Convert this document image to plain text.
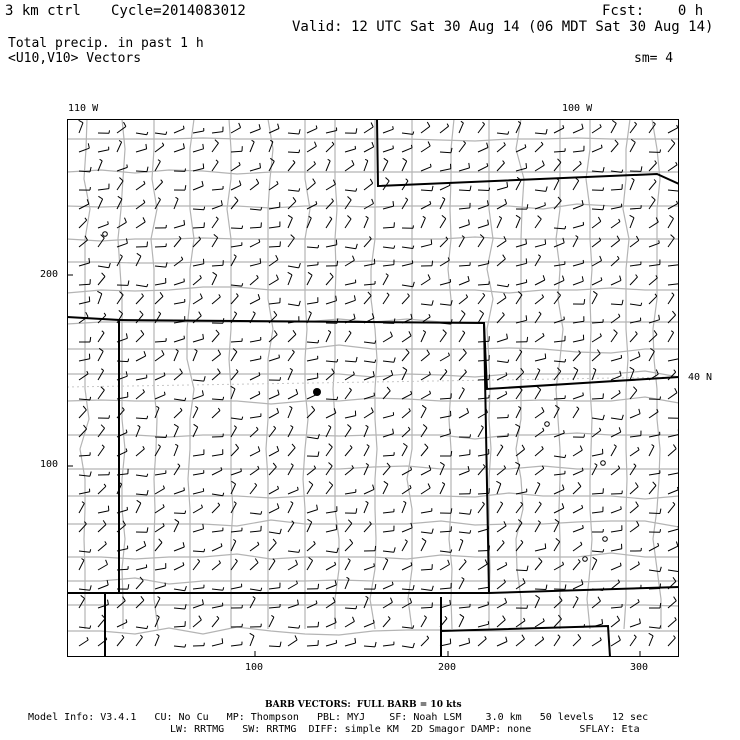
3 km ctrl Cycle=2014083012	Fcst:    0 h
Valid: 12 UTC Sat 30 Aug 14 (06 MDT Sat 30 Aug 14)
Total precip. in past 1 h
<U10,V10> Vectors	sm= 4
110 W	100 W
40 N
100	200	300
200
100
BARB VECTORS:  FULL BARB = 10 kts
Model Info: V3.4.1   CU: No Cu   MP: Thompson   PBL: MYJ    SF: Noah LSM    3.0 km   50 levels   12 sec
LW: RRTMG   SW: RRTMG  DIFF: simple KM  2D Smagor DAMP: none        SFLAY: Eta
